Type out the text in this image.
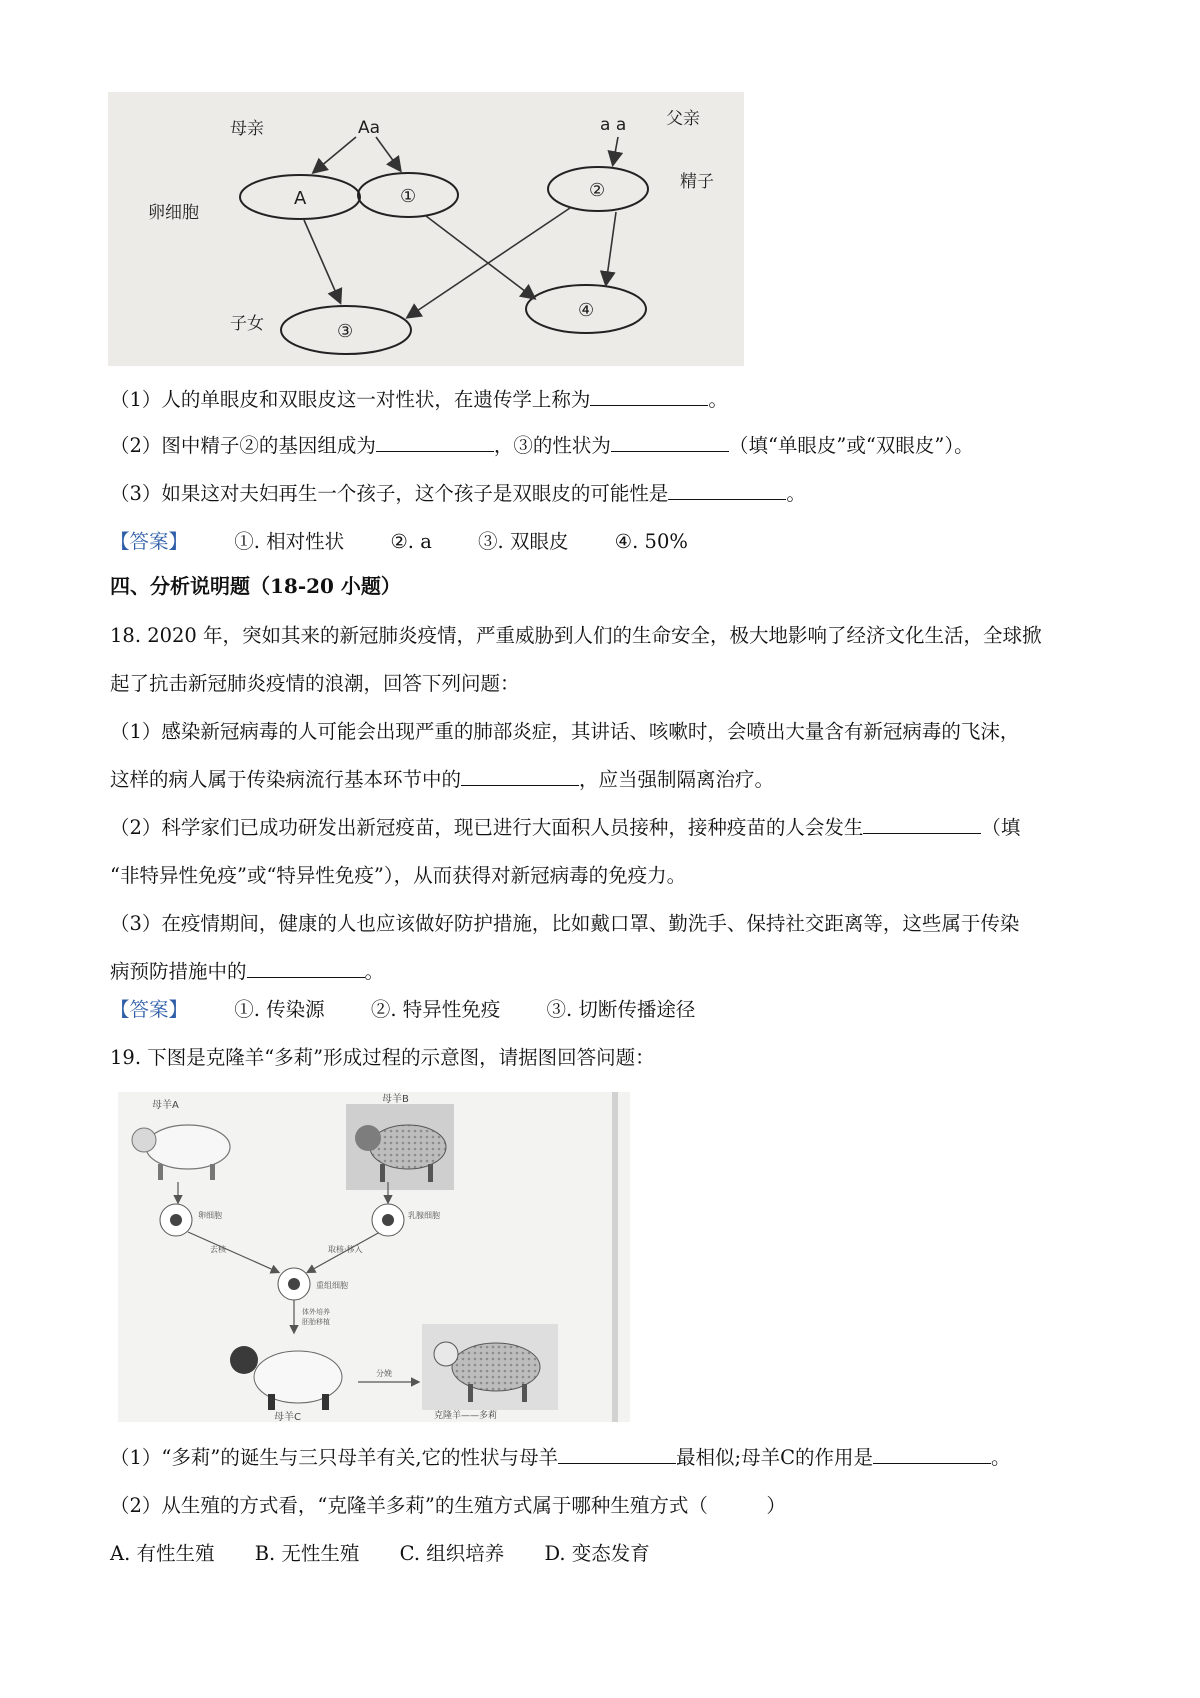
母亲	父亲
Aa	a a
卵细胞
精子
子女
A	①	②
③
④
（1）人的单眼皮和双眼皮这一对性状，在遗传学上称为	。
（2）图中精子②的基因组成为	，③的性状为	（填“单眼皮”或“双眼皮”）。
（3）如果这对夫妇再生一个孩子，这个孩子是双眼皮的可能性是	。
【答案】 ①. 相对性状 ②. a ③. 双眼皮 ④. 50%
四、分析说明题（18-20 小题）
18. 2020 年，突如其来的新冠肺炎疫情，严重威胁到人们的生命安全，极大地影响了经济文化生活，全球掀
起了抗击新冠肺炎疫情的浪潮，回答下列问题：
（1）感染新冠病毒的人可能会出现严重的肺部炎症，其讲话、咳嗽时，会喷出大量含有新冠病毒的飞沫，
这样的病人属于传染病流行基本环节中的	，应当强制隔离治疗。
（2）科学家们已成功研发出新冠疫苗，现已进行大面积人员接种，接种疫苗的人会发生	（填
“非特异性免疫”或“特异性免疫”），从而获得对新冠病毒的免疫力。
（3）在疫情期间，健康的人也应该做好防护措施，比如戴口罩、勤洗手、保持社交距离等，这些属于传染
病预防措施中的	。
【答案】 ①. 传染源 ②. 特异性免疫 ③. 切断传播途径
19. 下图是克隆羊“多莉”形成过程的示意图，请据图回答问题：
母羊A
母羊B
卵细胞	乳腺细胞
去核	取核·移入
重组细胞
体外培养
胚胎移植
母羊C
分娩
克隆羊——多莉
（1）“多莉”的诞生与三只母羊有关,它的性状与母羊	最相似;母羊C的作用是	。
（2）从生殖的方式看，“克隆羊多莉”的生殖方式属于哪种生殖方式（　　　）
A. 有性生殖 B. 无性生殖 C. 组织培养 D. 变态发育
